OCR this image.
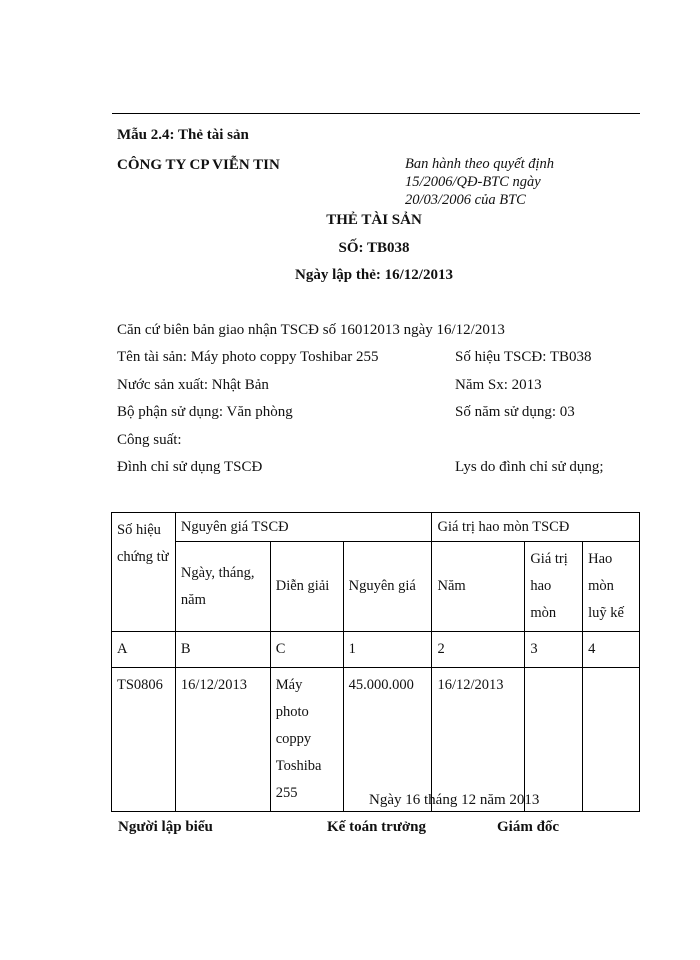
Mẫu 2.4: Thẻ tài sản
CÔNG TY CP VIỄN TIN	Ban hành theo quyết định
15/2006/QĐ-BTC ngày
20/03/2006 của BTC
THẺ TÀI SẢN
SỐ: TB038
Ngày lập thẻ: 16/12/2013
Căn cứ biên bản giao nhận TSCĐ số 16012013 ngày 16/12/2013
Tên tài sản: Máy photo coppy Toshibar 255	Số hiệu TSCĐ: TB038
Nước sản xuất: Nhật Bản	Năm Sx: 2013
Bộ phận sử dụng: Văn phòng	Số năm sử dụng: 03
Công suất:
Đình chỉ sử dụng TSCĐ	Lys do đình chỉ sử dụng;
Số hiệu chứng từ	Nguyên giá TSCĐ			Giá trị hao mòn TSCĐ		
	Ngày, tháng, năm	Diễn giải	Nguyên giá	Năm	Giá trị hao mòn	Hao mòn luỹ kế
A	B	C	1	2	3	4
TS0806	16/12/2013	Máy photo coppy Toshiba 255	45.000.000	16/12/2013		
Ngày 16 tháng 12 năm 2013
Người lập biểu	Kế toán trưởng	Giám đốc
